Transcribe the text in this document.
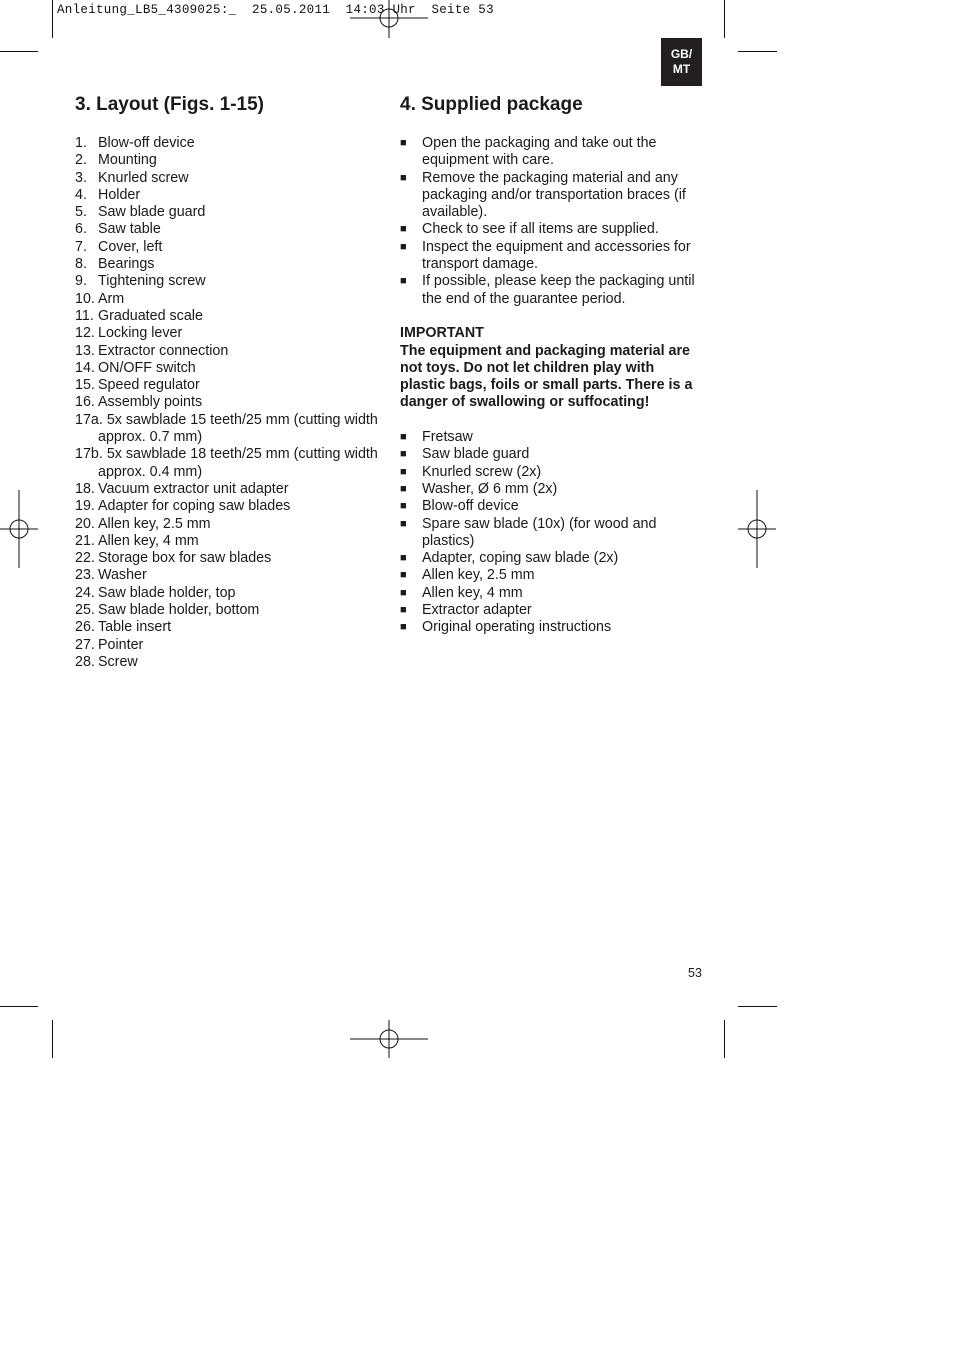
Anleitung_LB5_4309025:_  25.05.2011  14:03 Uhr  Seite 53
GB/
MT
3. Layout (Figs. 1-15)
1. Blow-off device
2. Mounting
3. Knurled screw
4. Holder
5. Saw blade guard
6. Saw table
7. Cover, left
8. Bearings
9. Tightening screw
10. Arm
11. Graduated scale
12. Locking lever
13. Extractor connection
14. ON/OFF switch
15. Speed regulator
16. Assembly points
17a. 5x sawblade 15 teeth/25 mm (cutting width approx. 0.7 mm)
17b. 5x sawblade 18 teeth/25 mm (cutting width approx. 0.4 mm)
18. Vacuum extractor unit adapter
19. Adapter for coping saw blades
20. Allen key, 2.5 mm
21. Allen key, 4 mm
22. Storage box for saw blades
23. Washer
24. Saw blade holder, top
25. Saw blade holder, bottom
26. Table insert
27. Pointer
28. Screw
4. Supplied package
■	Open the packaging and take out the equipment with care.
■	Remove the packaging material and any packaging and/or transportation braces (if available).
■	Check to see if all items are supplied.
■	Inspect the equipment and accessories for transport damage.
■	If possible, please keep the packaging until the end of the guarantee period.
IMPORTANT
The equipment and packaging material are not toys. Do not let children play with plastic bags, foils or small parts. There is a danger of swallowing or suffocating!
■	Fretsaw
■	Saw blade guard
■	Knurled screw (2x)
■	Washer, Ø 6 mm (2x)
■	Blow-off device
■	Spare saw blade (10x) (for wood and plastics)
■	Adapter, coping saw blade (2x)
■	Allen key, 2.5 mm
■	Allen key, 4 mm
■	Extractor adapter
■	Original operating instructions
53
